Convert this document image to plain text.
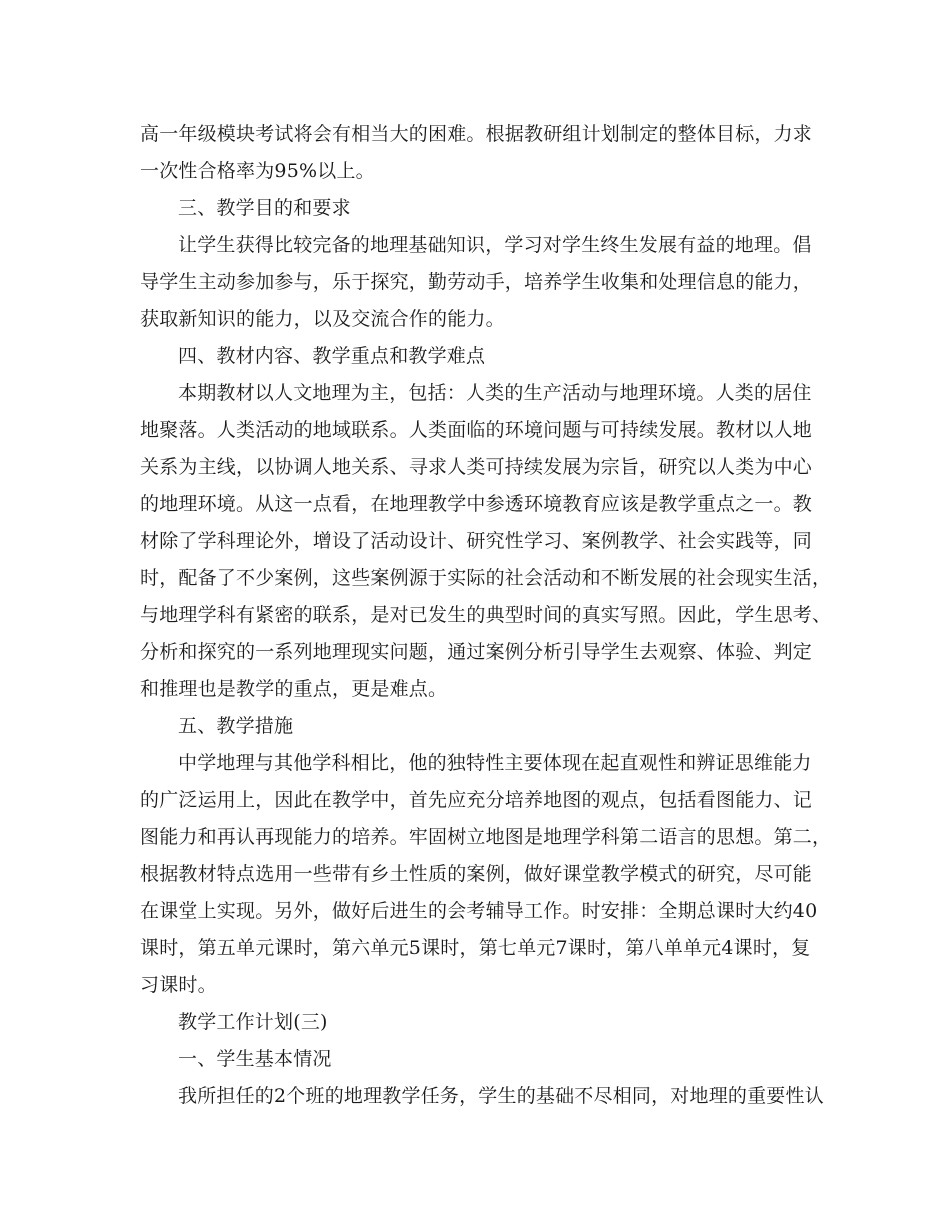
高一年级模块考试将会有相当大的困难。根据教研组计划制定的整体目标，力求
一次性合格率为95%以上。
三、教学目的和要求
让学生获得比较完备的地理基础知识，学习对学生终生发展有益的地理。倡
导学生主动参加参与，乐于探究，勤劳动手，培养学生收集和处理信息的能力，
获取新知识的能力，以及交流合作的能力。
四、教材内容、教学重点和教学难点
本期教材以人文地理为主，包括：人类的生产活动与地理环境。人类的居住
地聚落。人类活动的地域联系。人类面临的环境问题与可持续发展。教材以人地
关系为主线，以协调人地关系、寻求人类可持续发展为宗旨，研究以人类为中心
的地理环境。从这一点看，在地理教学中参透环境教育应该是教学重点之一。教
材除了学科理论外，增设了活动设计、研究性学习、案例教学、社会实践等，同
时，配备了不少案例，这些案例源于实际的社会活动和不断发展的社会现实生活，
与地理学科有紧密的联系，是对已发生的典型时间的真实写照。因此，学生思考、
分析和探究的一系列地理现实问题，通过案例分析引导学生去观察、体验、判定
和推理也是教学的重点，更是难点。
五、教学措施
中学地理与其他学科相比，他的独特性主要体现在起直观性和辨证思维能力
的广泛运用上，因此在教学中，首先应充分培养地图的观点，包括看图能力、记
图能力和再认再现能力的培养。牢固树立地图是地理学科第二语言的思想。第二，
根据教材特点选用一些带有乡土性质的案例，做好课堂教学模式的研究，尽可能
在课堂上实现。另外，做好后进生的会考辅导工作。时安排：全期总课时大约40
课时，第五单元课时，第六单元5课时，第七单元7课时，第八单单元4课时，复
习课时。
教学工作计划(三)
一、学生基本情况
我所担任的2个班的地理教学任务，学生的基础不尽相同，对地理的重要性认
